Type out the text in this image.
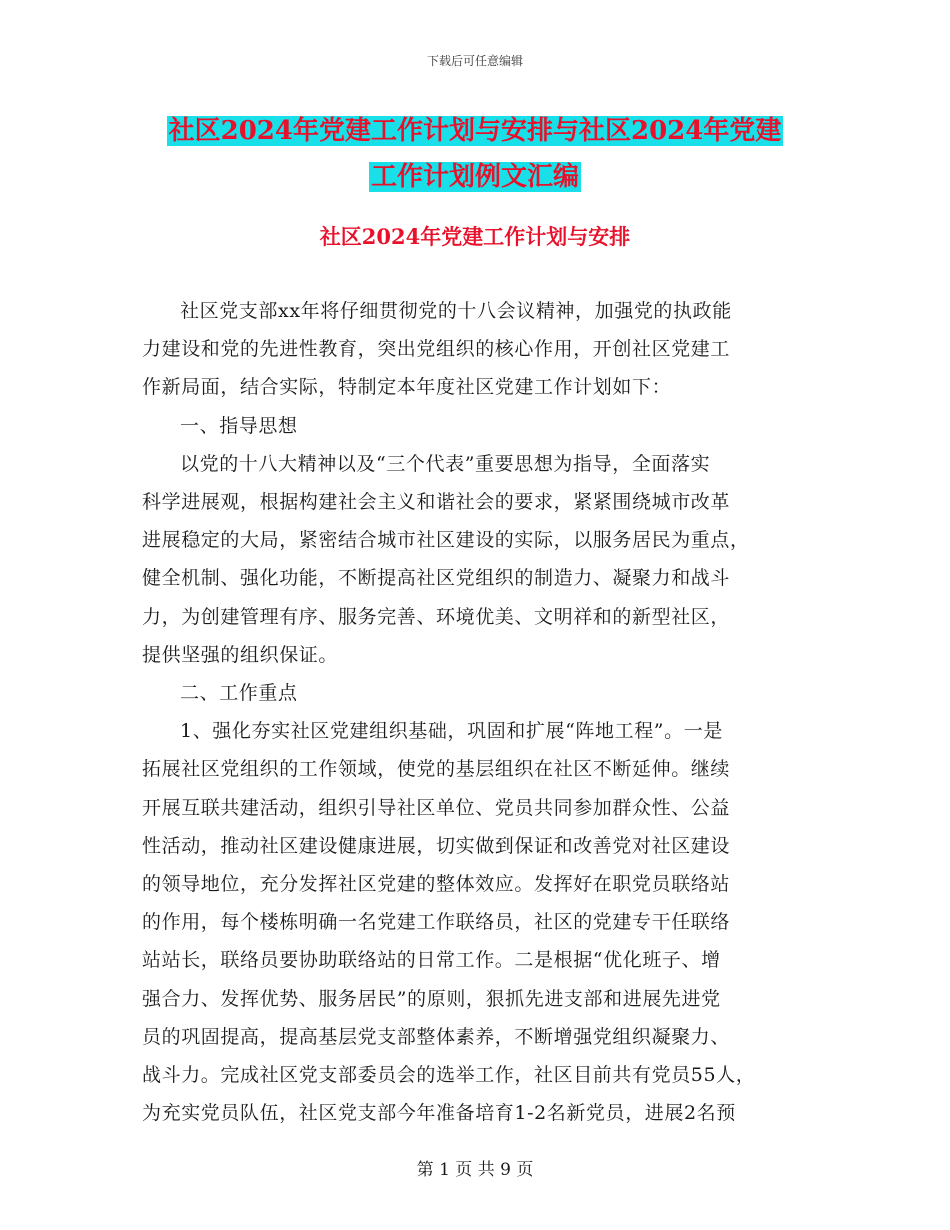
下载后可任意编辑
社区2024年党建工作计划与安排与社区2024年党建
工作计划例文汇编
社区2024年党建工作计划与安排

社区党支部xx年将仔细贯彻党的十八会议精神，加强党的执政能
力建设和党的先进性教育，突出党组织的核心作用，开创社区党建工
作新局面，结合实际，特制定本年度社区党建工作计划如下：

一、指导思想

以党的十八大精神以及“三个代表”重要思想为指导，全面落实
科学进展观，根据构建社会主义和谐社会的要求，紧紧围绕城市改革
进展稳定的大局，紧密结合城市社区建设的实际，以服务居民为重点，
健全机制、强化功能，不断提高社区党组织的制造力、凝聚力和战斗
力，为创建管理有序、服务完善、环境优美、文明祥和的新型社区，
提供坚强的组织保证。

二、工作重点

1、强化夯实社区党建组织基础，巩固和扩展“阵地工程”。一是
拓展社区党组织的工作领域，使党的基层组织在社区不断延伸。继续
开展互联共建活动，组织引导社区单位、党员共同参加群众性、公益
性活动，推动社区建设健康进展，切实做到保证和改善党对社区建设
的领导地位，充分发挥社区党建的整体效应。发挥好在职党员联络站
的作用，每个楼栋明确一名党建工作联络员，社区的党建专干任联络
站站长，联络员要协助联络站的日常工作。二是根据“优化班子、增
强合力、发挥优势、服务居民”的原则，狠抓先进支部和进展先进党
员的巩固提高，提高基层党支部整体素养，不断增强党组织凝聚力、
战斗力。完成社区党支部委员会的选举工作，社区目前共有党员55人，
为充实党员队伍，社区党支部今年准备培育1-2名新党员，进展2名预

第 1 页 共 9 页
